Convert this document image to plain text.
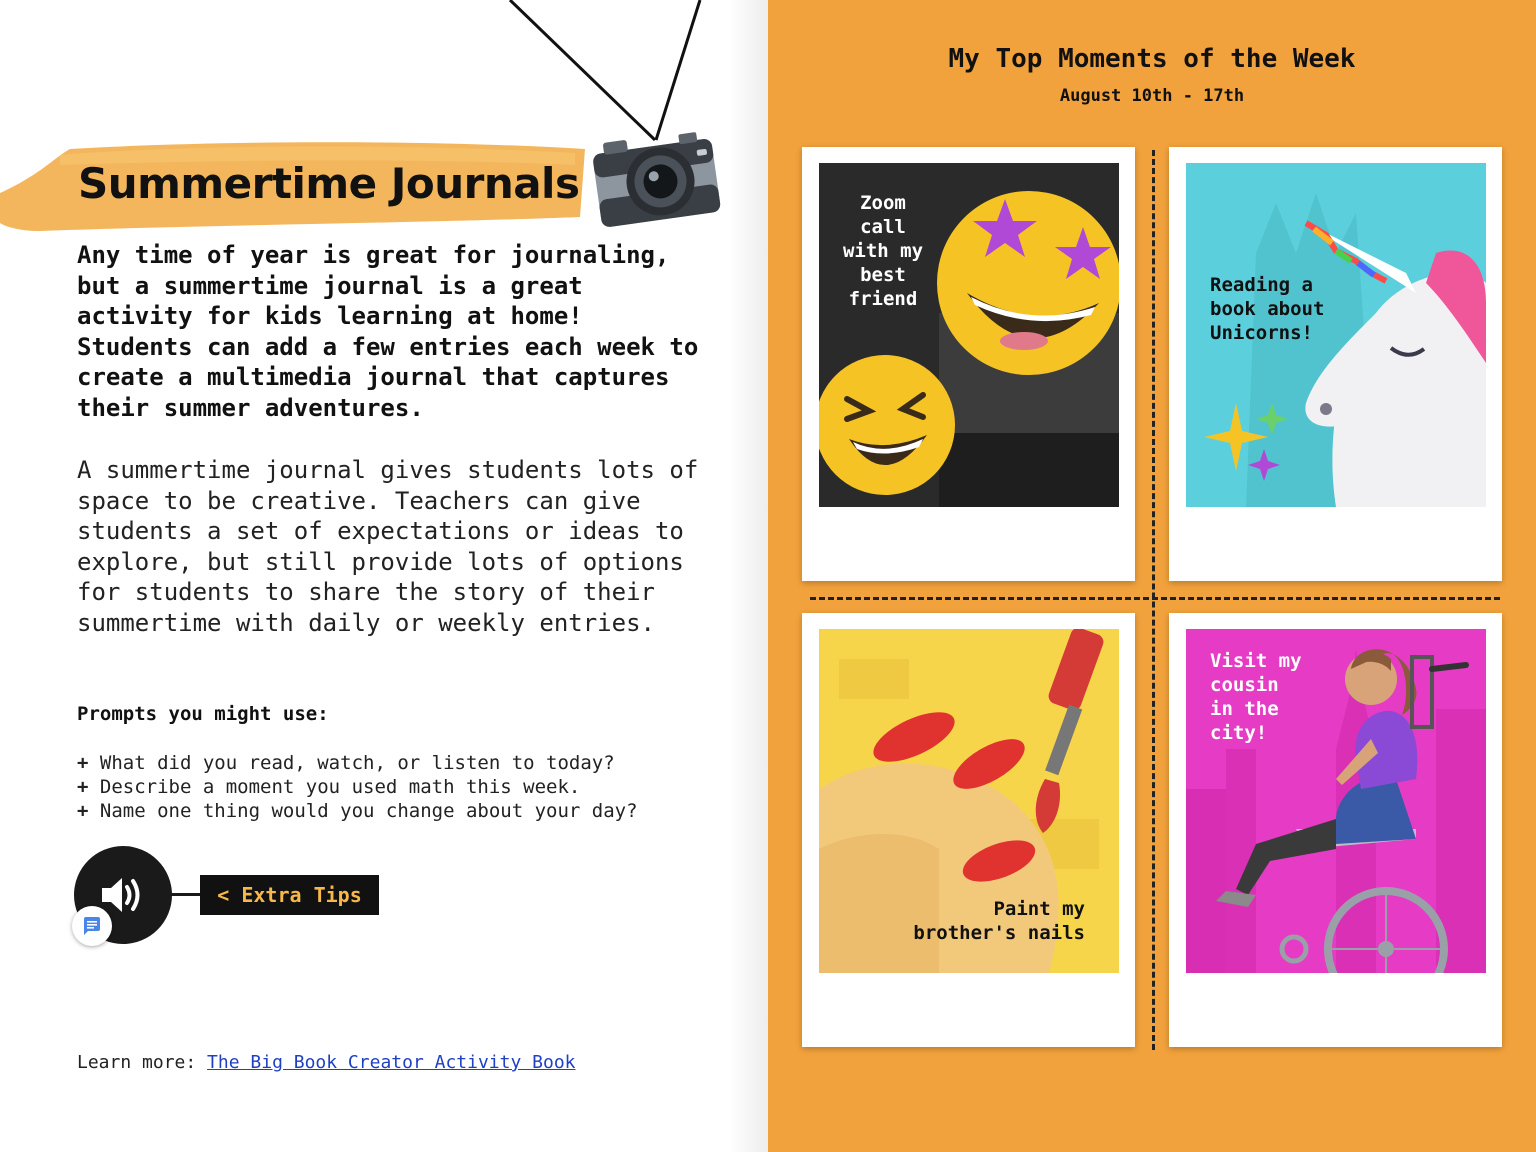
Summertime Journals

Any time of year is great for journaling, but a summertime journal is a great activity for kids learning at home! Students can add a few entries each week to create a multimedia journal that captures their summer adventures.

A summertime journal gives students lots of space to be creative. Teachers can give students a set of expectations or ideas to explore, but still provide lots of options for students to share the story of their summertime with daily or weekly entries.

Prompts you might use:

+ What did you read, watch, or listen to today?
+ Describe a moment you used math this week.
+ Name one thing would you change about your day?
< Extra Tips

Learn more: The Big Book Creator Activity Book

My Top Moments of the Week

August 10th - 17th

Zoom
call
with my
best
friend

Reading a
book about
Unicorns!

Paint my
brother's nails

Visit my
cousin
in the
city!
